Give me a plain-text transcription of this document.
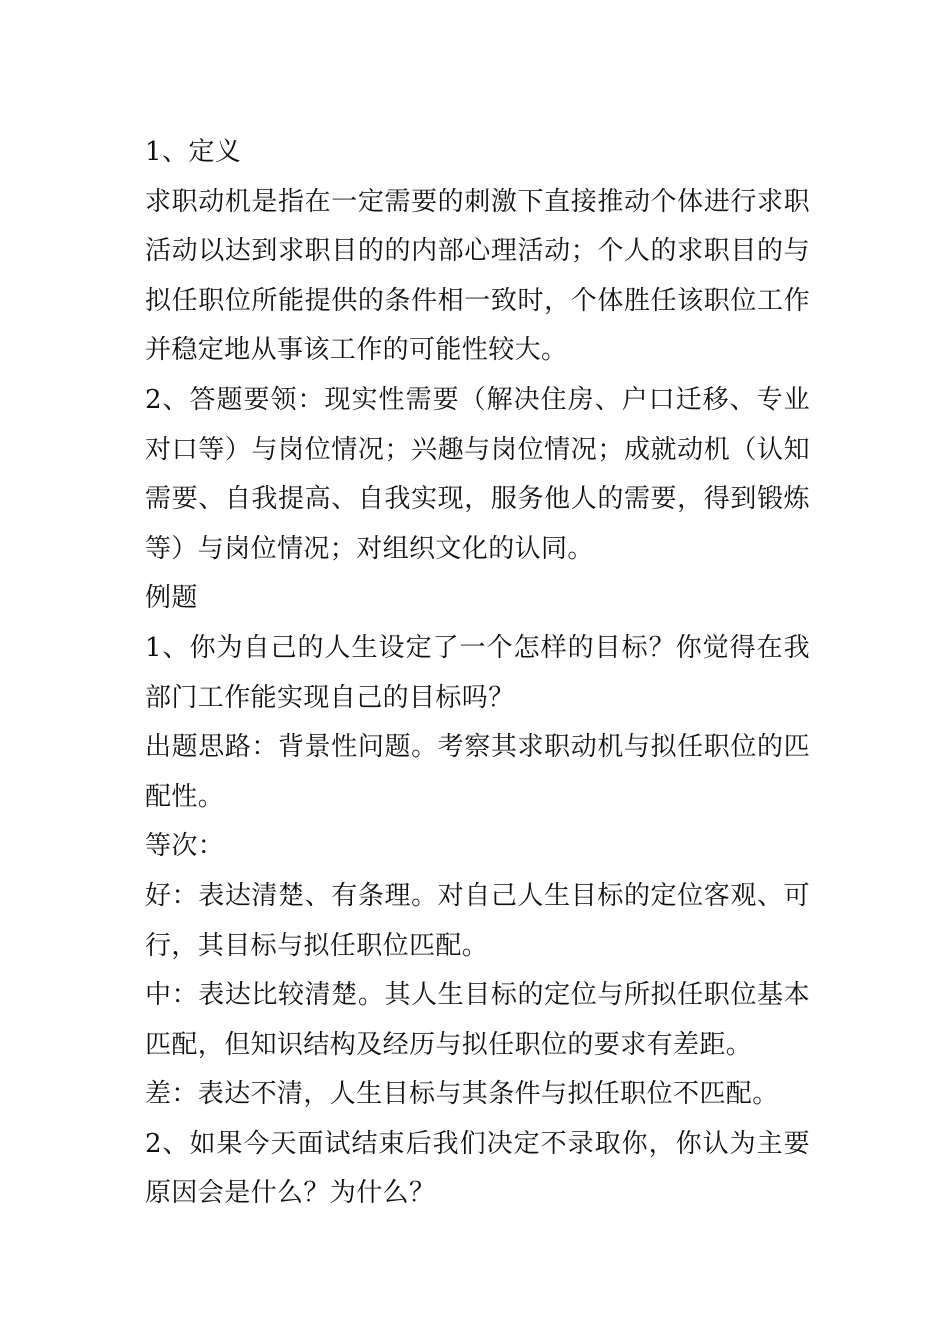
1、定义

求职动机是指在一定需要的刺激下直接推动个体进行求职活动以达到求职目的的内部心理活动；个人的求职目的与拟任职位所能提供的条件相一致时，个体胜任该职位工作并稳定地从事该工作的可能性较大。

2、答题要领：现实性需要（解决住房、户口迁移、专业对口等）与岗位情况；兴趣与岗位情况；成就动机（认知需要、自我提高、自我实现，服务他人的需要，得到锻炼等）与岗位情况；对组织文化的认同。

例题

1、你为自己的人生设定了一个怎样的目标？你觉得在我部门工作能实现自己的目标吗？

出题思路：背景性问题。考察其求职动机与拟任职位的匹配性。

等次：

好：表达清楚、有条理。对自己人生目标的定位客观、可行，其目标与拟任职位匹配。

中：表达比较清楚。其人生目标的定位与所拟任职位基本匹配，但知识结构及经历与拟任职位的要求有差距。

差：表达不清，人生目标与其条件与拟任职位不匹配。

2、如果今天面试结束后我们决定不录取你，你认为主要原因会是什么？为什么？
